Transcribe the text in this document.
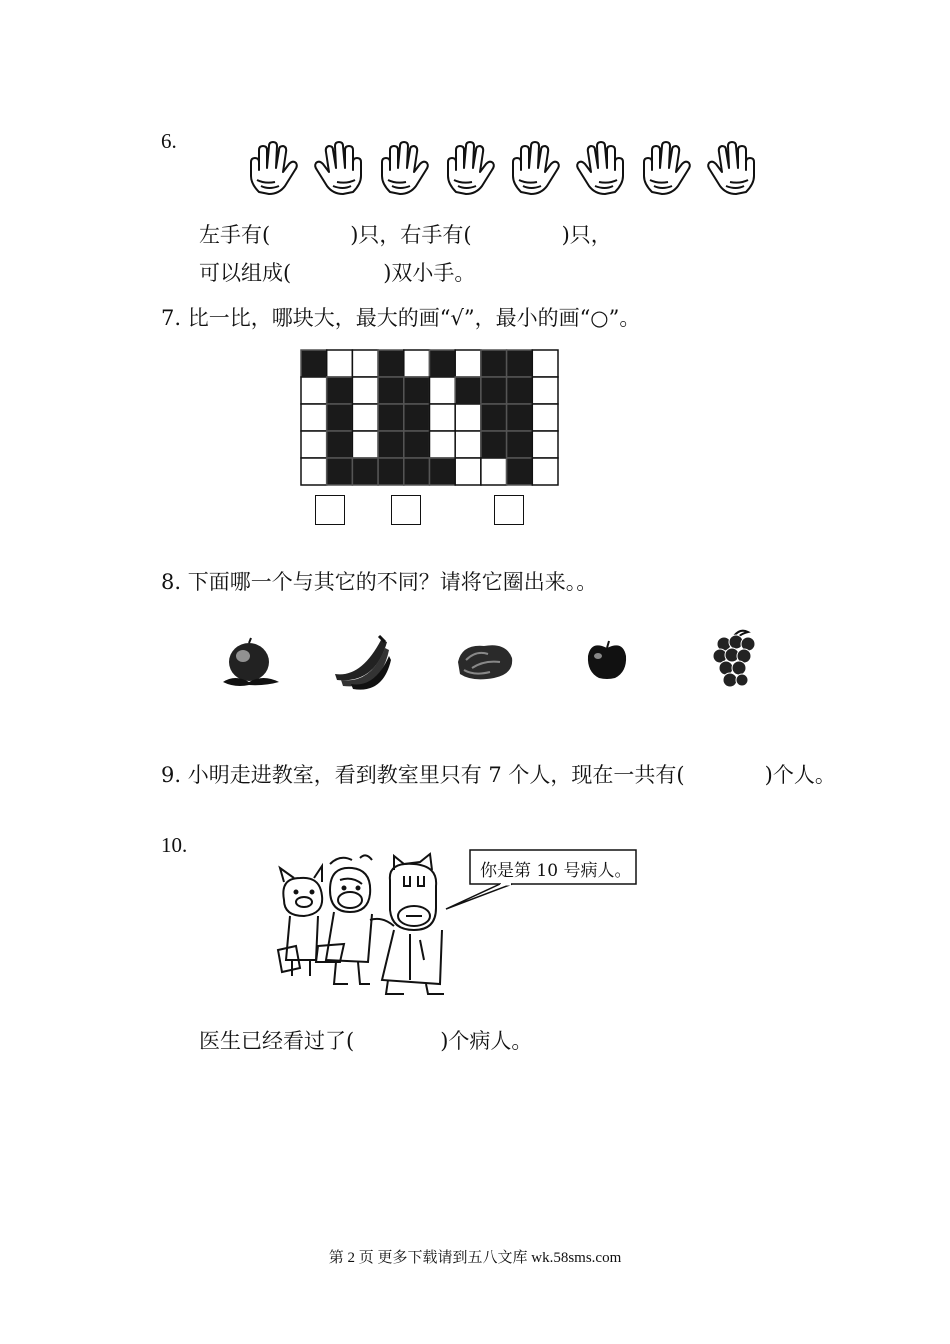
6.
左手有(	)只，右手有(	)只，
可以组成(	)双小手。
7. 比一比，哪块大，最大的画“√”，最小的画“○”。
8. 下面哪一个与其它的不同？请将它圈出来。。
9. 小明走进教室，看到教室里只有 7 个人，现在一共有(	)个人。
10.
你是第 10 号病人。
医生已经看过了(	)个病人。
第 2 页 更多下载请到五八文库 wk.58sms.com
